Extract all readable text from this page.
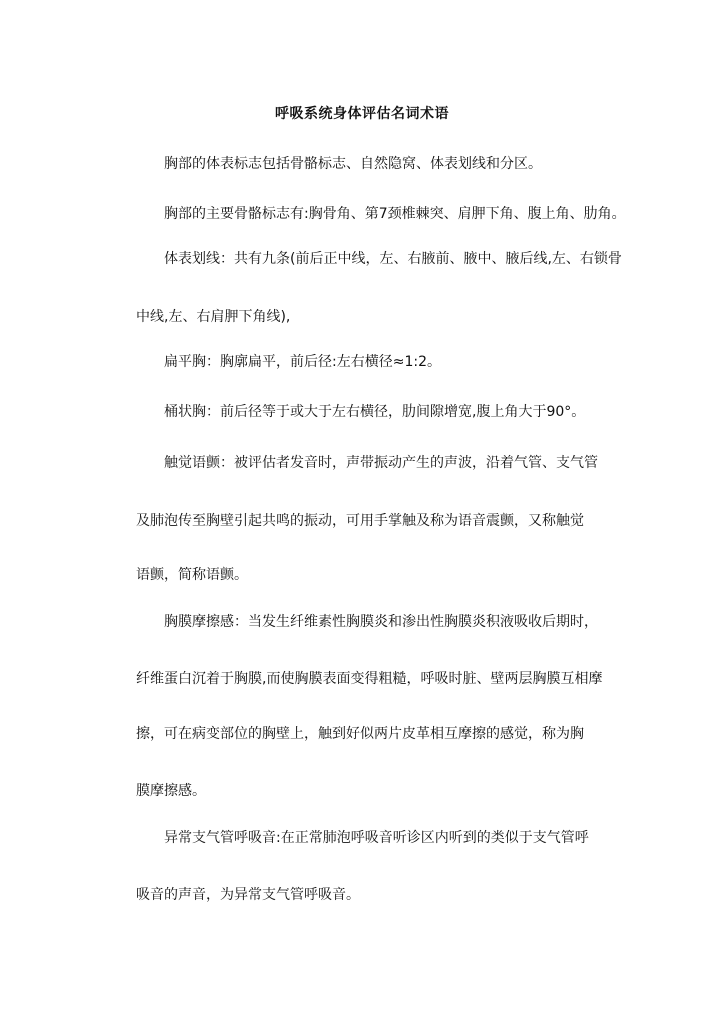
呼吸系统身体评估名词术语
胸部的体表标志包括骨骼标志、自然隐窝、体表划线和分区。
胸部的主要骨骼标志有:胸骨角、第7颈椎棘突、肩胛下角、腹上角、肋角。
体表划线：共有九条(前后正中线，左、右腋前、腋中、腋后线,左、右锁骨
中线,左、右肩胛下角线),
扁平胸：胸廓扁平，前后径:左右横径≈1:2。
桶状胸：前后径等于或大于左右横径，肋间隙增宽,腹上角大于90°。
触觉语颤：被评估者发音时，声带振动产生的声波，沿着气管、支气管
及肺泡传至胸壁引起共鸣的振动，可用手掌触及称为语音震颤，又称触觉
语颤，简称语颤。
胸膜摩擦感：当发生纤维素性胸膜炎和渗出性胸膜炎积液吸收后期时，
纤维蛋白沉着于胸膜,而使胸膜表面变得粗糙，呼吸时脏、壁两层胸膜互相摩
擦，可在病变部位的胸壁上，触到好似两片皮革相互摩擦的感觉，称为胸
膜摩擦感。
异常支气管呼吸音:在正常肺泡呼吸音听诊区内听到的类似于支气管呼
吸音的声音，为异常支气管呼吸音。
